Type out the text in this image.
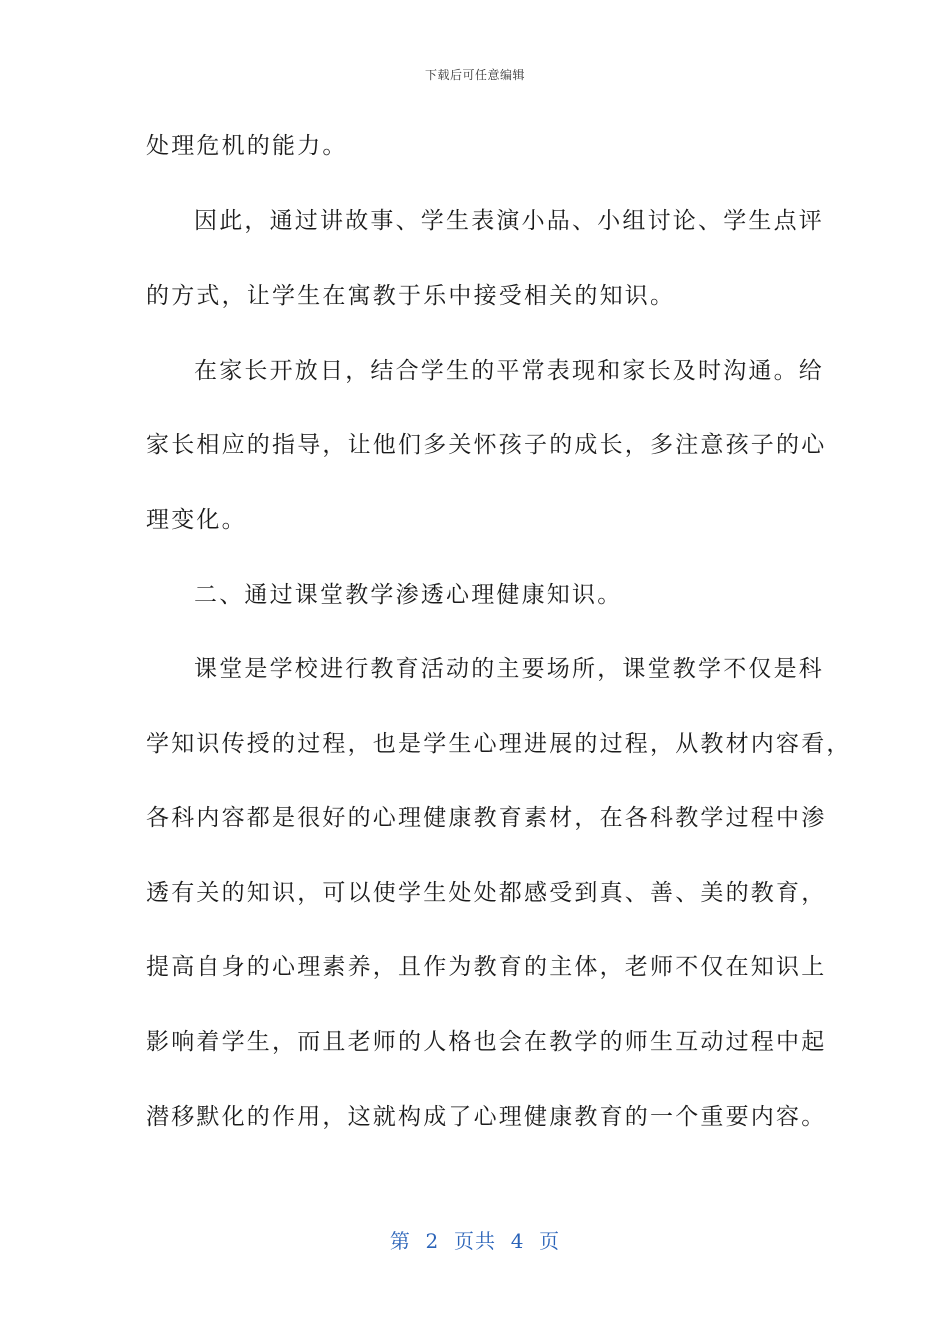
下载后可任意编辑
处理危机的能力。
因此，通过讲故事、学生表演小品、小组讨论、学生点评
的方式，让学生在寓教于乐中接受相关的知识。
在家长开放日，结合学生的平常表现和家长及时沟通。给
家长相应的指导，让他们多关怀孩子的成长，多注意孩子的心
理变化。
二、通过课堂教学渗透心理健康知识。
课堂是学校进行教育活动的主要场所，课堂教学不仅是科
学知识传授的过程，也是学生心理进展的过程，从教材内容看，
各科内容都是很好的心理健康教育素材，在各科教学过程中渗
透有关的知识，可以使学生处处都感受到真、善、美的教育，
提高自身的心理素养，且作为教育的主体，老师不仅在知识上
影响着学生，而且老师的人格也会在教学的师生互动过程中起
潜移默化的作用，这就构成了心理健康教育的一个重要内容。
第  2  页共  4  页
